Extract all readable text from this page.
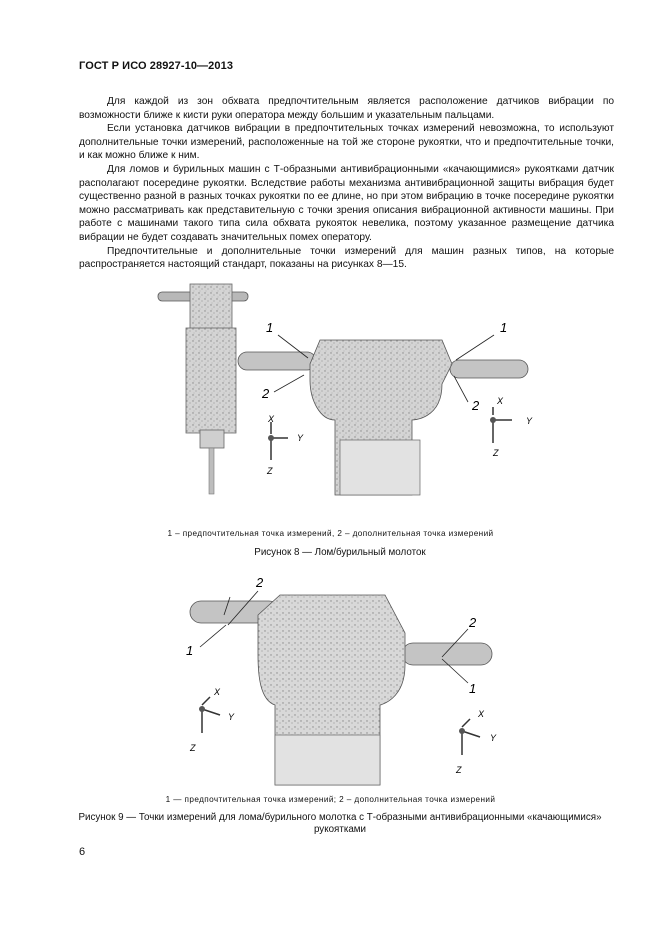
ГОСТ Р ИСО 28927-10—2013

Для каждой из зон обхвата предпочтительным является расположение датчиков вибрации по возможности ближе к кисти руки оператора между большим и указательным пальцами.

Если установка датчиков вибрации в предпочтительных точках измерений невозможна, то используют дополнительные точки измерений, расположенные на той же стороне рукоятки, что и предпочтительные точки, и как можно ближе к ним.

Для ломов и бурильных машин с Т-образными антивибрационными «качающимися» рукоятками датчик располагают посередине рукоятки. Вследствие работы механизма антивибрационной защиты вибрация будет существенно разной в разных точках рукоятки по ее длине, но при этом вибрацию в точке посередине рукоятки можно рассматривать как представительную с точки зрения описания вибрационной активности машины. При работе с машинами такого типа сила обхвата рукояток невелика, поэтому указанное размещение датчика вибрации не будет создавать значительных помех оператору.

Предпочтительные и дополнительные точки измерений для машин разных типов, на которые распространяется настоящий стандарт, показаны на рисунках 8—15.

1
2
1
2
X
Y
Z
X
Y
Z
1 – предпочтительная точка измерений, 2 – дополнительная точка измерений
Рисунок 8 — Лом/бурильный молоток
2
1
2
1
X
Y
Z
X
Y
Z
1 — предпочтительная точка измерений; 2 – дополнительная точка измерений
Рисунок 9 — Точки измерений для лома/бурильного молотка с Т-образными антивибрационными «качающимися» рукоятками
6
